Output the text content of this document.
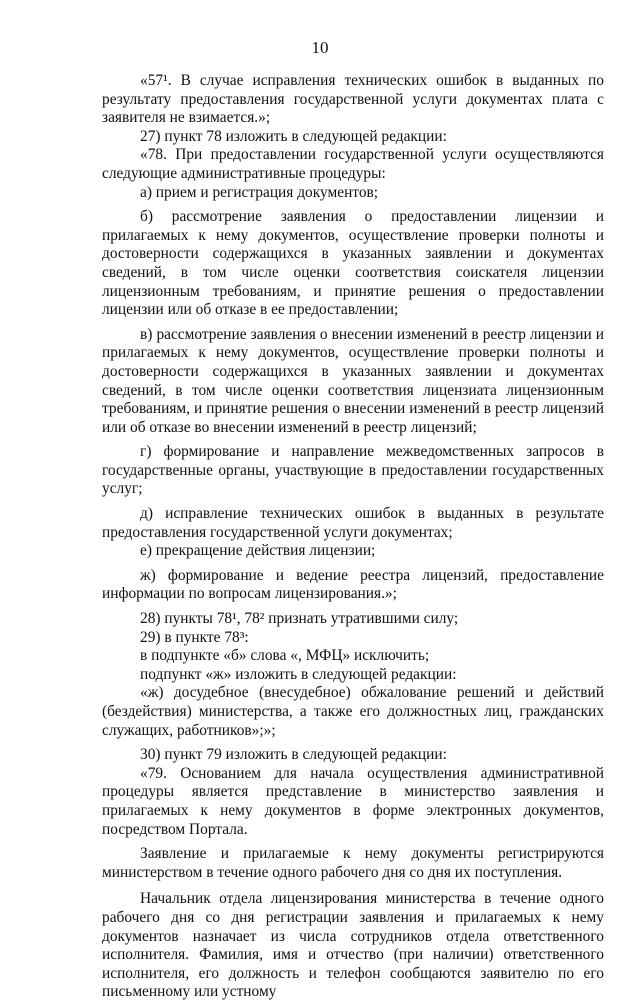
10

«57¹. В случае исправления технических ошибок в выданных по результату предоставления государственной услуги документах плата с заявителя не взимается.»;

27) пункт 78 изложить в следующей редакции:

«78. При предоставлении государственной услуги осуществляются следующие административные процедуры:

а) прием и регистрация документов;

б) рассмотрение заявления о предоставлении лицензии и прилагаемых к нему документов, осуществление проверки полноты и достоверности содержащихся в указанных заявлении и документах сведений, в том числе оценки соответствия соискателя лицензии лицензионным требованиям, и принятие решения о предоставлении лицензии или об отказе в ее предоставлении;

в) рассмотрение заявления о внесении изменений в реестр лицензии и прилагаемых к нему документов, осуществление проверки полноты и достоверности содержащихся в указанных заявлении и документах сведений, в том числе оценки соответствия лицензиата лицензионным требованиям, и принятие решения о внесении изменений в реестр лицензий или об отказе во внесении изменений в реестр лицензий;

г) формирование и направление межведомственных запросов в государственные органы, участвующие в предоставлении государственных услуг;

д) исправление технических ошибок в выданных в результате предоставления государственной услуги документах;

е) прекращение действия лицензии;

ж) формирование и ведение реестра лицензий, предоставление информации по вопросам лицензирования.»;

28) пункты 78¹, 78² признать утратившими силу;

29) в пункте 78³:

в подпункте «б» слова «, МФЦ» исключить;

подпункт «ж» изложить в следующей редакции:

«ж) досудебное (внесудебное) обжалование решений и действий (бездействия) министерства, а также его должностных лиц, гражданских служащих, работников»;»;

30) пункт 79 изложить в следующей редакции:

«79. Основанием для начала осуществления административной процедуры является представление в министерство заявления и прилагаемых к нему документов в форме электронных документов, посредством Портала.

Заявление и прилагаемые к нему документы регистрируются министерством в течение одного рабочего дня со дня их поступления.

Начальник отдела лицензирования министерства в течение одного рабочего дня со дня регистрации заявления и прилагаемых к нему документов назначает из числа сотрудников отдела ответственного исполнителя. Фамилия, имя и отчество (при наличии) ответственного исполнителя, его должность и телефон сообщаются заявителю по его письменному или устному
